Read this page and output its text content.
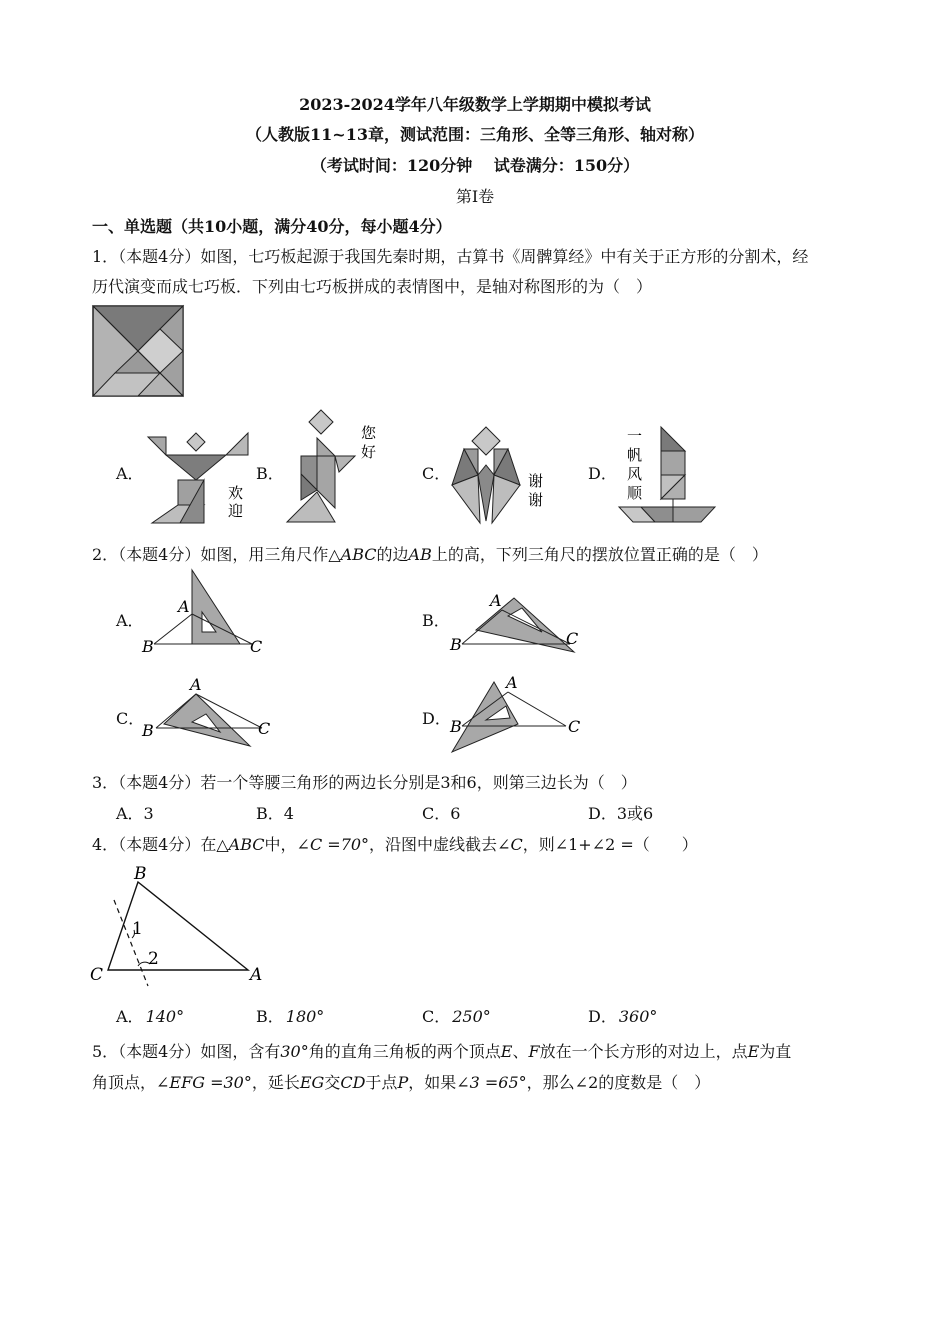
2023-2024学年八年级数学上学期期中模拟考试
（人教版11~13章，测试范围：三角形、全等三角形、轴对称）
（考试时间：120分钟　 试卷满分：150分）
第Ⅰ卷
一、单选题（共10小题，满分40分，每小题4分）
1．（本题4分）如图，七巧板起源于我国先秦时期，古算书《周髀算经》中有关于正方形的分割术，经
历代演变而成七巧板．下列由七巧板拼成的表情图中，是轴对称图形的为（　）
A．
欢
迎
B．
您
好
C．	谢
谢
D．
一
帆
风
顺
2．（本题4分）如图，用三角尺作△ABC的边AB上的高，下列三角尺的摆放位置正确的是（　）
A．
A
B	C
B．
A
B	C
C．
A
B	C
D．
A
B	C
3．（本题4分）若一个等腰三角形的两边长分别是3和6，则第三边长为（　）
A．3	B．4	C．6	D．3或6
4．（本题4分）在△ABC中，∠C =70°，沿图中虚线截去∠C，则∠1+∠2 =（　　）
B
C	A
1
2
A． 140°	B． 180°	C． 250°	D． 360°
5．（本题4分）如图，含有30°角的直角三角板的两个顶点E、F放在一个长方形的对边上，点E为直
角顶点，∠EFG =30°，延长EG交CD于点P，如果∠3 =65°，那么∠2的度数是（　）
